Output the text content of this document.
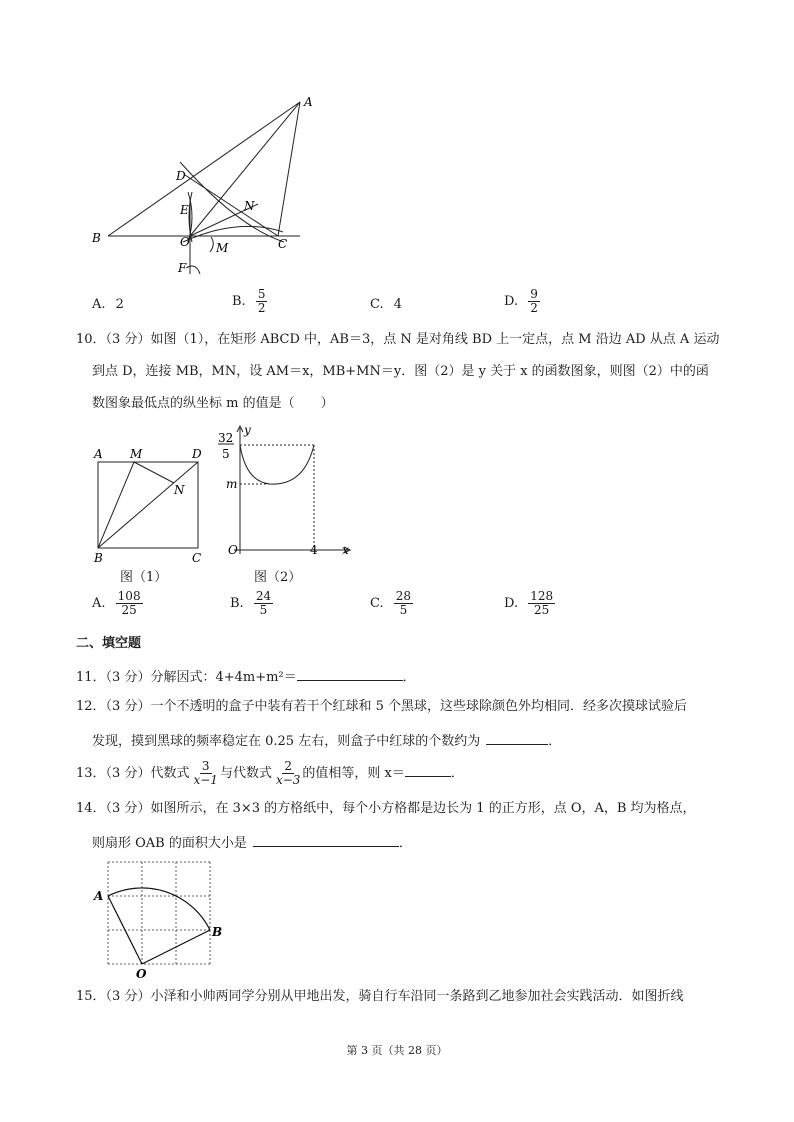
A
B	C
D
E
F
N
O M
A. 2	B. $\frac{5}{2}$	C. 4	D. $\frac{9}{2}$
10．（3 分）如图（1），在矩形 ABCD 中，AB＝3，点 N 是对角线 BD 上一定点，点 M 沿边 AD 从点 A 运动
到点 D，连接 MB，MN，设 AM＝x，MB+MN＝y．图（2）是 y 关于 x 的函数图象，则图（2）中的函
数图象最低点的纵坐标 m 的值是（　　）
A M	D
N
B	C
图（1）
y
32
5
m
O	4 x
图（2）
A. $\frac{108}{25}$	B. $\frac{24}{5}$	C. $\frac{28}{5}$	D. $\frac{128}{25}$
二、填空题
11．（3 分）分解因式：4+4m+m²＝	．
12．（3 分）一个不透明的盒子中装有若干个红球和 5 个黑球，这些球除颜色外均相同．经多次摸球试验后
发现，摸到黑球的频率稳定在 0.25 左右，则盒子中红球的个数约为	．
13．（3 分）代数式 $\frac{3}{x-1}$ 与代数式 $\frac{2}{x-3}$ 的值相等，则 x＝	．
14．（3 分）如图所示，在 3×3 的方格纸中，每个小方格都是边长为 1 的正方形，点 O，A，B 均为格点，
则扇形 OAB 的面积大小是	．
A
B
O
15．（3 分）小泽和小帅两同学分别从甲地出发，骑自行车沿同一条路到乙地参加社会实践活动．如图折线
第 3 页（共 28 页）
